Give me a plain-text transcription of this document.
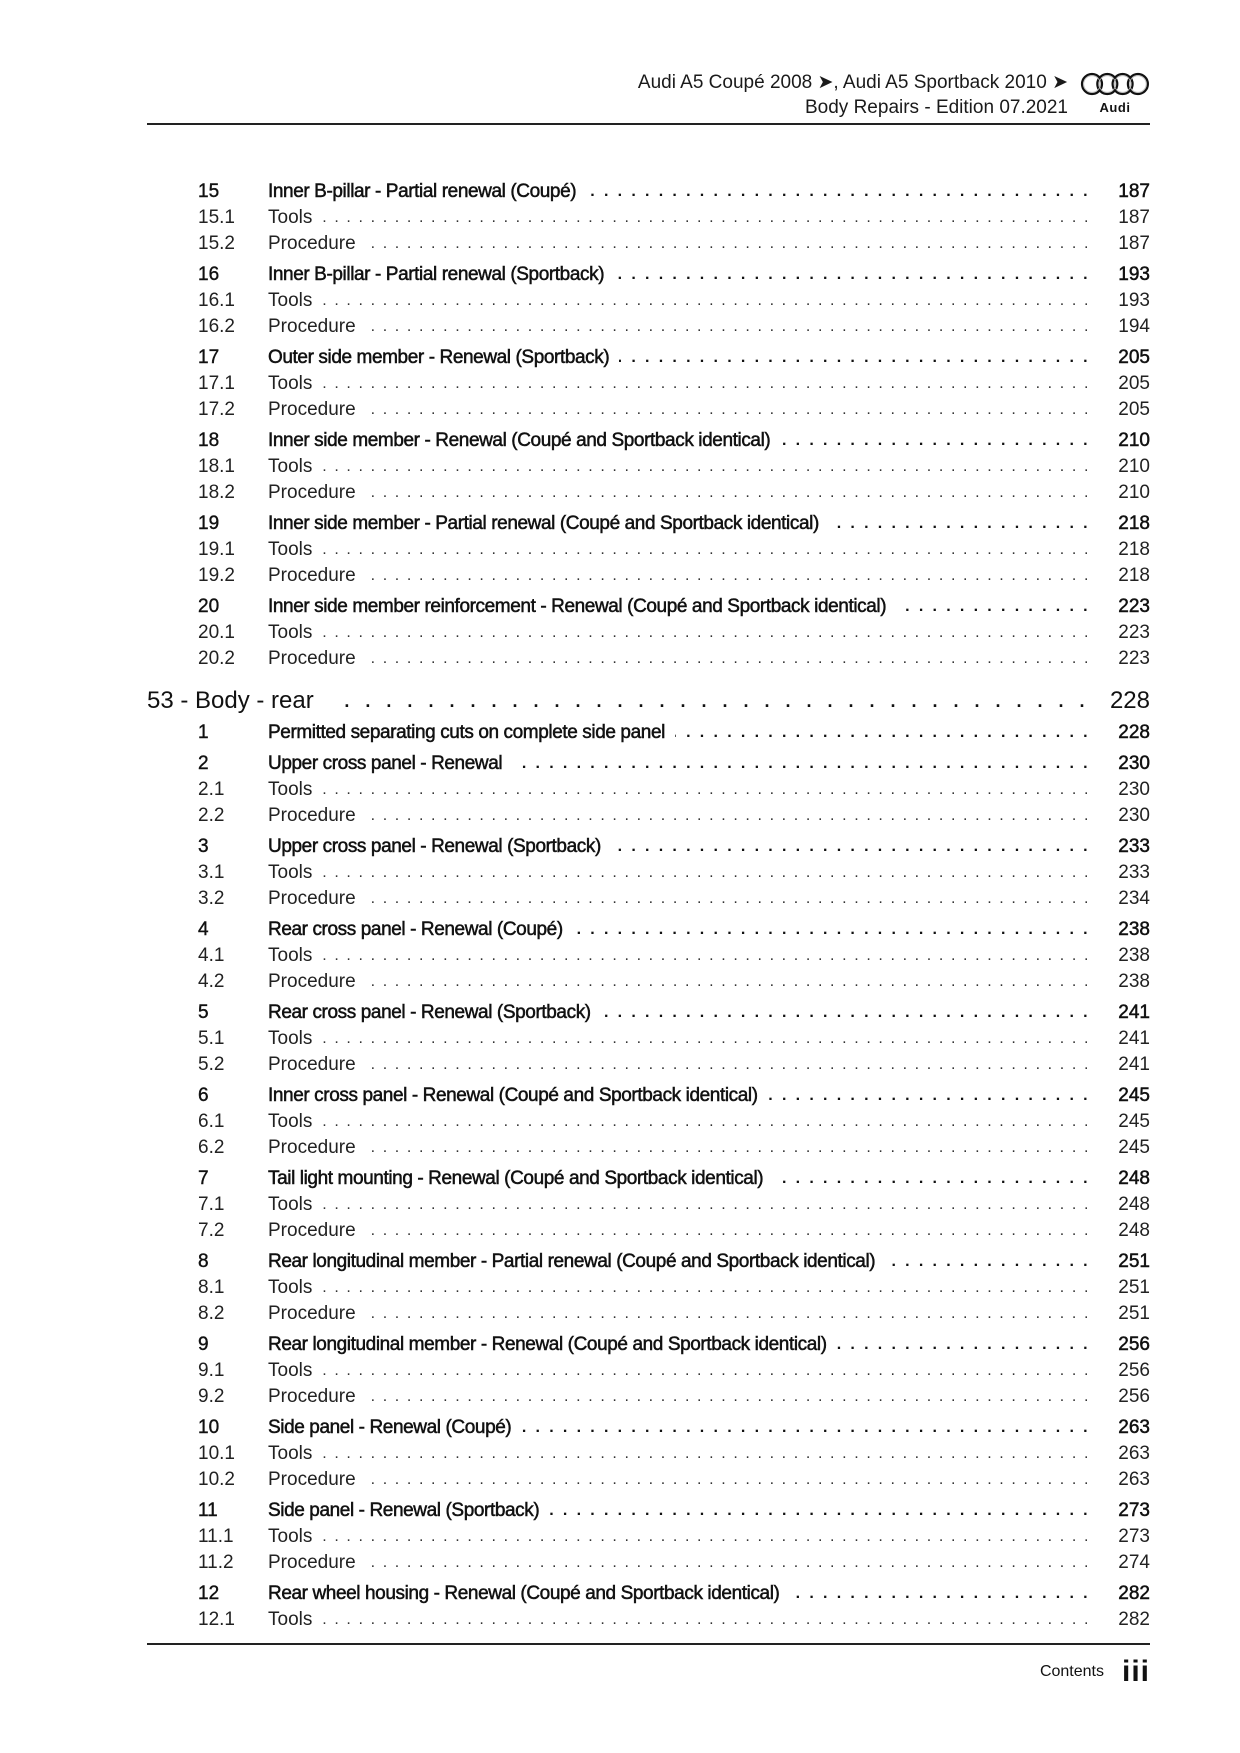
Audi A5 Coupé 2008 ➤, Audi A5 Sportback 2010 ➤
Body Repairs - Edition 07.2021	Audi
15	Inner B-pillar - Partial renewal (Coupé) . . .	187
15.1	Tools . . .	187
15.2	Procedure . . .	187
16	Inner B-pillar - Partial renewal (Sportback) . . .	193
16.1	Tools . . .	193
16.2	Procedure . . .	194
17	Outer side member - Renewal (Sportback) . . .	205
17.1	Tools . . .	205
17.2	Procedure . . .	205
18	Inner side member - Renewal (Coupé and Sportback identical) . . .	210
18.1	Tools . . .	210
18.2	Procedure . . .	210
19	Inner side member - Partial renewal (Coupé and Sportback identical) . . .	218
19.1	Tools . . .	218
19.2	Procedure . . .	218
20	Inner side member reinforcement - Renewal (Coupé and Sportback identical) . . .	223
20.1	Tools . . .	223
20.2	Procedure . . .	223
53 - Body - rear . . .	228
1	Permitted separating cuts on complete side panel . . .	228
2	Upper cross panel - Renewal . . .	230
2.1	Tools . . .	230
2.2	Procedure . . .	230
3	Upper cross panel - Renewal (Sportback) . . .	233
3.1	Tools . . .	233
3.2	Procedure . . .	234
4	Rear cross panel - Renewal (Coupé) . . .	238
4.1	Tools . . .	238
4.2	Procedure . . .	238
5	Rear cross panel - Renewal (Sportback) . . .	241
5.1	Tools . . .	241
5.2	Procedure . . .	241
6	Inner cross panel - Renewal (Coupé and Sportback identical) . . .	245
6.1	Tools . . .	245
6.2	Procedure . . .	245
7	Tail light mounting - Renewal (Coupé and Sportback identical) . . .	248
7.1	Tools . . .	248
7.2	Procedure . . .	248
8	Rear longitudinal member - Partial renewal (Coupé and Sportback identical) . . .	251
8.1	Tools . . .	251
8.2	Procedure . . .	251
9	Rear longitudinal member - Renewal (Coupé and Sportback identical) . . .	256
9.1	Tools . . .	256
9.2	Procedure . . .	256
10	Side panel - Renewal (Coupé) . . .	263
10.1	Tools . . .	263
10.2	Procedure . . .	263
11	Side panel - Renewal (Sportback) . . .	273
11.1	Tools . . .	273
11.2	Procedure . . .	274
12	Rear wheel housing - Renewal (Coupé and Sportback identical) . . .	282
12.1	Tools . . .	282
Contents iii
